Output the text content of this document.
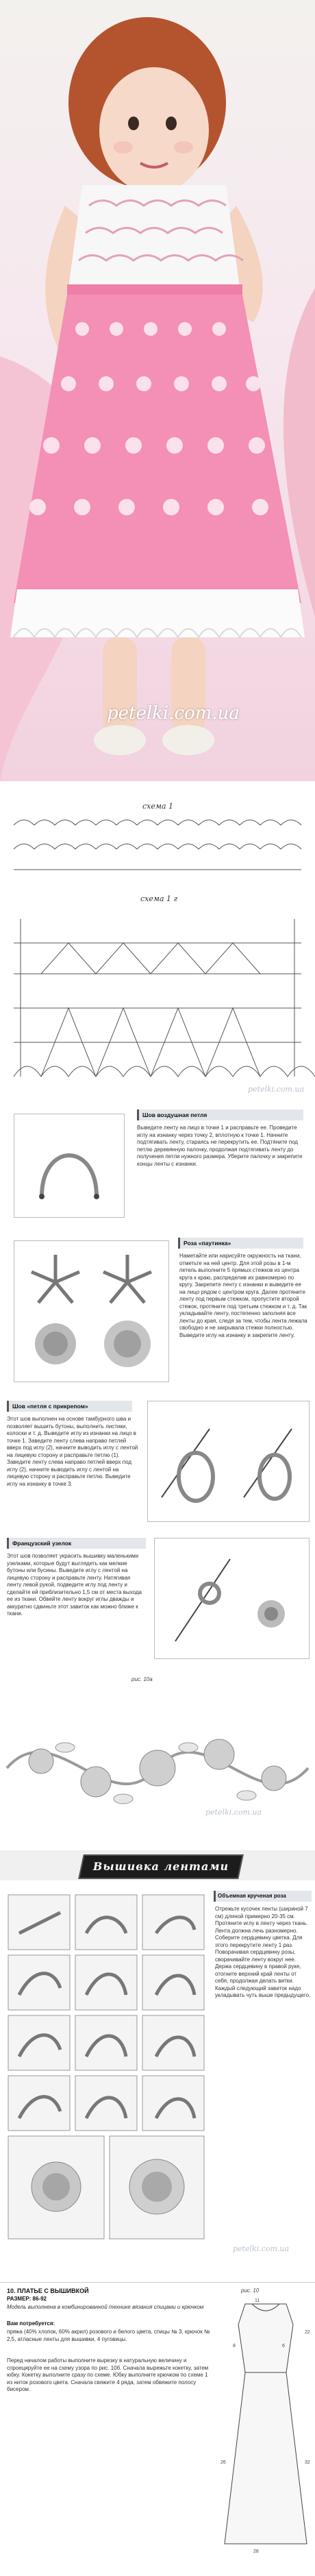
petelki.com.ua
схема 1
схема 1 г
petelki.com.ua
Шов воздушная петля
Выведите ленту на лицо в точке 1 и расправьте ее. Проведите иглу на изнанку через точку 2, вплотную к точке 1. Начните подтягивать ленту, стараясь не перекрутить ее. Подтяните под петлю деревянную палочку, продолжая подтягивать ленту до получения петли нужного размера. Уберите палочку и закрепите концы ленты с изнанки.
Роза «паутинка»
Наметайте или нарисуйте окружность на ткани, отметьте на ней центр. Для этой розы в 1-м петель выполните 5 прямых стежков из центра круга к краю, распределив их равномерно по кругу. Закрепите ленту с изнанки и выведите ее на лицо рядом с центром круга. Далее протяните ленту под первым стежком, пропустите второй стежок, протяните под третьим стежком и т. д. Так укладывайте ленту, постепенно заполняя все ленты до края, следя за тем, чтобы лента лежала свободно и не закрывала стежки полностью. Выведите иглу на изнанку и закрепите ленту.
Шов «петля с прикрепом»
Этот шов выполнен на основе тамбурного шва и позволяет вышить бутоны, выполнить листики, колоски и т. д. Выведите иглу из изнанки на лицо в точке 1. Заведите ленту слева направо петлей вверх под иглу (2), начните выводить иглу с лентой на лицевую сторону и расправьте петлю (1). Заведите ленту слева направо петлей вверх под иглу (2), начните выводить иглу с лентой на лицевую сторону и расправьте петлю. Выведите иглу на изнанку в точке 3.
Французский узелок
Этот шов позволяет украсить вышивку маленькими узелками, которые будут выглядеть как мелкие бутоны или бусины. Выведите иглу с лентой на лицевую сторону и расправьте ленту. Натягивая ленту левой рукой, подведите иглу под ленту и сделайте ей приблизительно 1,5 см от места выхода ее из ткани. Обвейте ленту вокруг иглы дважды и аккуратно сдвиньте этот завиток как можно ближе к ткани.
рис. 10а
petelki.com.ua
Вышивка лентами
Объемная крученая роза
Отрежьте кусочек ленты (шириной 7 см) длиной примерно 20-35 см. Протяните иглу в ленту через ткань. Лента должна лечь разномерно. Соберите сердцевину цветка. Для этого перекрутите ленту 1 раз. Поворачивая сердцевину розы, сворачивайте ленту вокруг нее. Держа сердцевину в правой руке, отогните верхний край ленты от себя, продолжая делать витки. Каждый следующий завиток надо укладывать чуть выше предыдущего.
petelki.com.ua
10. ПЛАТЬЕ С ВЫШИВКОЙ
РАЗМЕР: 86-92
Модель выполнена в комбинированной технике вязания спицами и крючком
Вам потребуется:
пряжа (40% хлопок, 60% акрил) розового и белого цвета, спицы № 3, крючок № 2,5, атласные ленты для вышивки, 4 пуговицы.
Перед началом работы выполните вырезку в натуральную величину и спроецируйте ее на схему узора по рис. 10б. Сначала вырежьте кокетку, затем юбку. Кокетку выполните сразу по схеме. Юбку выполните крючком по схеме 1 из ниток розового цвета. Сначала свяжите 4 ряда, затем обвяжите полосу бисером.
рис. 10
22
32
11
8	6
28
26
